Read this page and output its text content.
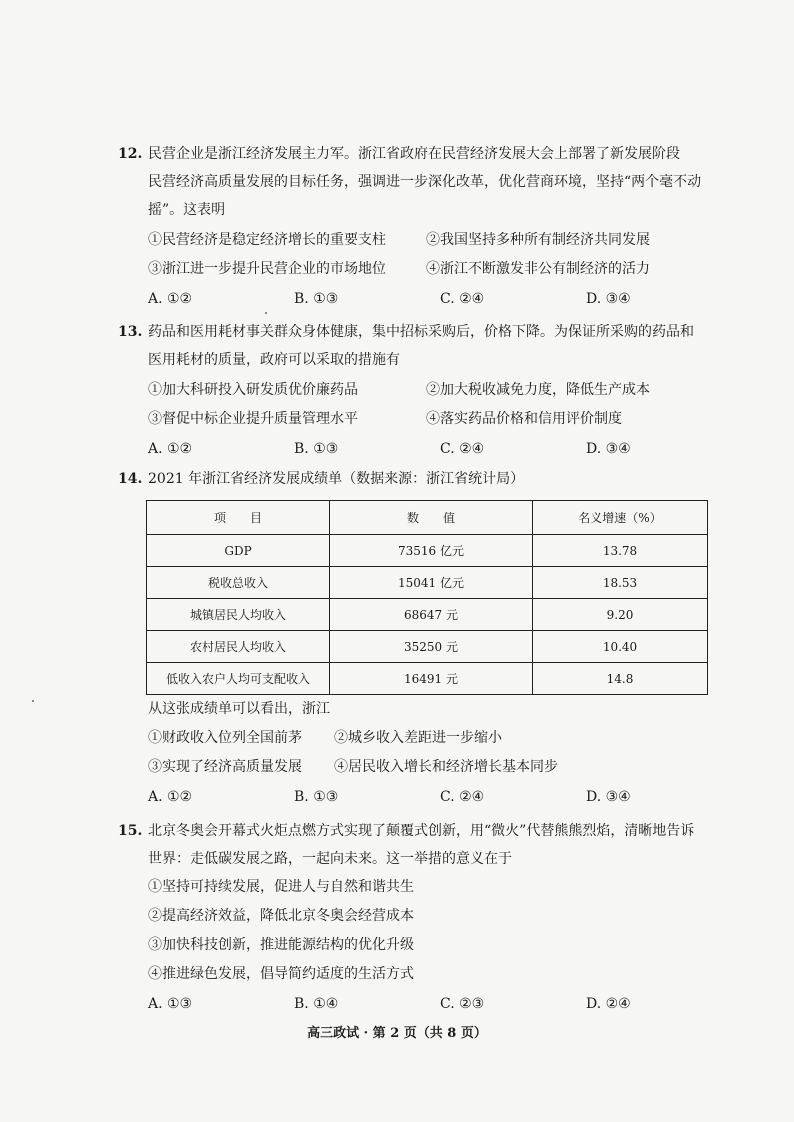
12. 民营企业是浙江经济发展主力军。浙江省政府在民营经济发展大会上部署了新发展阶段
民营经济高质量发展的目标任务，强调进一步深化改革，优化营商环境，坚持“两个毫不动
摇”。这表明
①民营经济是稳定经济增长的重要支柱	②我国坚持多种所有制经济共同发展
③浙江进一步提升民营企业的市场地位	④浙江不断激发非公有制经济的活力
A. ①②	B. ①③	C. ②④	D. ③④
13. 药品和医用耗材事关群众身体健康，集中招标采购后，价格下降。为保证所采购的药品和
医用耗材的质量，政府可以采取的措施有
①加大科研投入研发质优价廉药品	②加大税收减免力度，降低生产成本
③督促中标企业提升质量管理水平	④落实药品价格和信用评价制度
A. ①②	B. ①③	C. ②④	D. ③④
14. 2021 年浙江省经济发展成绩单（数据来源：浙江省统计局）
项　　目	数　　值	名义增速（%）
GDP	73516 亿元	13.78
税收总收入	15041 亿元	18.53
城镇居民人均收入	68647 元	9.20
农村居民人均收入	35250 元	10.40
低收入农户人均可支配收入	16491 元	14.8
从这张成绩单可以看出，浙江
①财政收入位列全国前茅 ②城乡收入差距进一步缩小
③实现了经济高质量发展 ④居民收入增长和经济增长基本同步
A. ①②	B. ①③	C. ②④	D. ③④
15. 北京冬奥会开幕式火炬点燃方式实现了颠覆式创新，用“微火”代替熊熊烈焰，清晰地告诉
世界：走低碳发展之路，一起向未来。这一举措的意义在于
①坚持可持续发展，促进人与自然和谐共生
②提高经济效益，降低北京冬奥会经营成本
③加快科技创新，推进能源结构的优化升级
④推进绿色发展，倡导简约适度的生活方式
A. ①③	B. ①④	C. ②③	D. ②④
高三政试 · 第 2 页（共 8 页）
